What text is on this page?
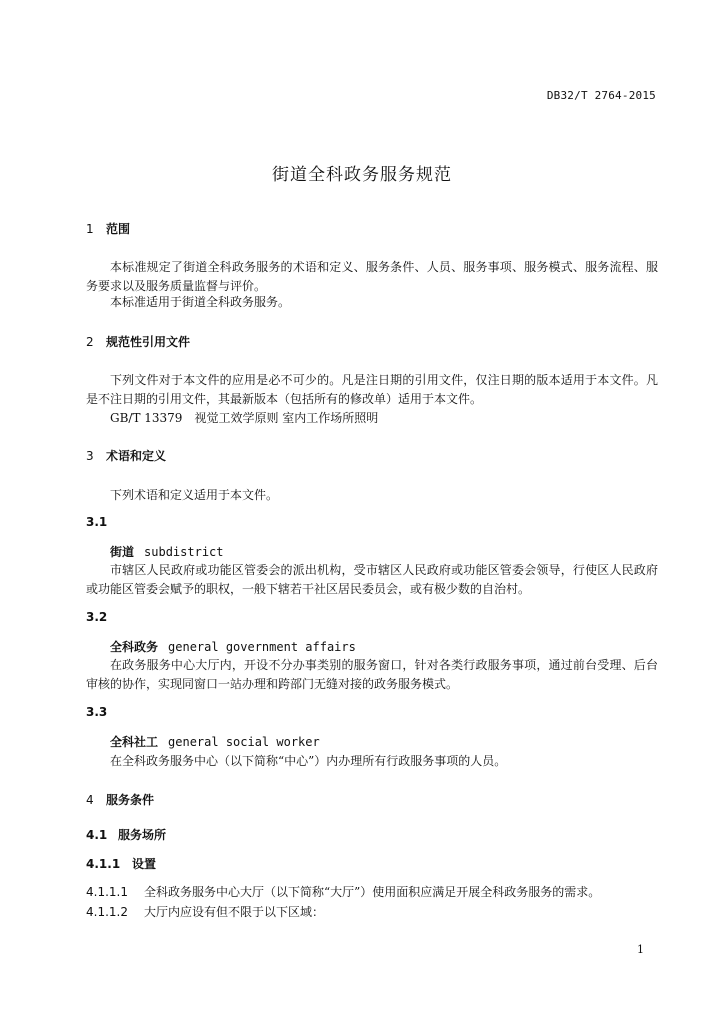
DB32/T 2764-2015
街道全科政务服务规范
1 范围
本标准规定了街道全科政务服务的术语和定义、服务条件、人员、服务事项、服务模式、服务流程、服务要求以及服务质量监督与评价。
本标准适用于街道全科政务服务。
2 规范性引用文件
下列文件对于本文件的应用是必不可少的。凡是注日期的引用文件，仅注日期的版本适用于本文件。凡是不注日期的引用文件，其最新版本（包括所有的修改单）适用于本文件。
GB/T 13379　视觉工效学原则 室内工作场所照明
3 术语和定义
下列术语和定义适用于本文件。
3.1
街道 subdistrict
市辖区人民政府或功能区管委会的派出机构，受市辖区人民政府或功能区管委会领导，行使区人民政府或功能区管委会赋予的职权，一般下辖若干社区居民委员会，或有极少数的自治村。
3.2
全科政务 general government affairs
在政务服务中心大厅内，开设不分办事类别的服务窗口，针对各类行政服务事项，通过前台受理、后台审核的协作，实现同窗口一站办理和跨部门无缝对接的政务服务模式。
3.3
全科社工 general social worker
在全科政务服务中心（以下简称“中心”）内办理所有行政服务事项的人员。
4 服务条件
4.1 服务场所
4.1.1 设置
4.1.1.1 全科政务服务中心大厅（以下简称“大厅”）使用面积应满足开展全科政务服务的需求。
4.1.1.2 大厅内应设有但不限于以下区域：
1
